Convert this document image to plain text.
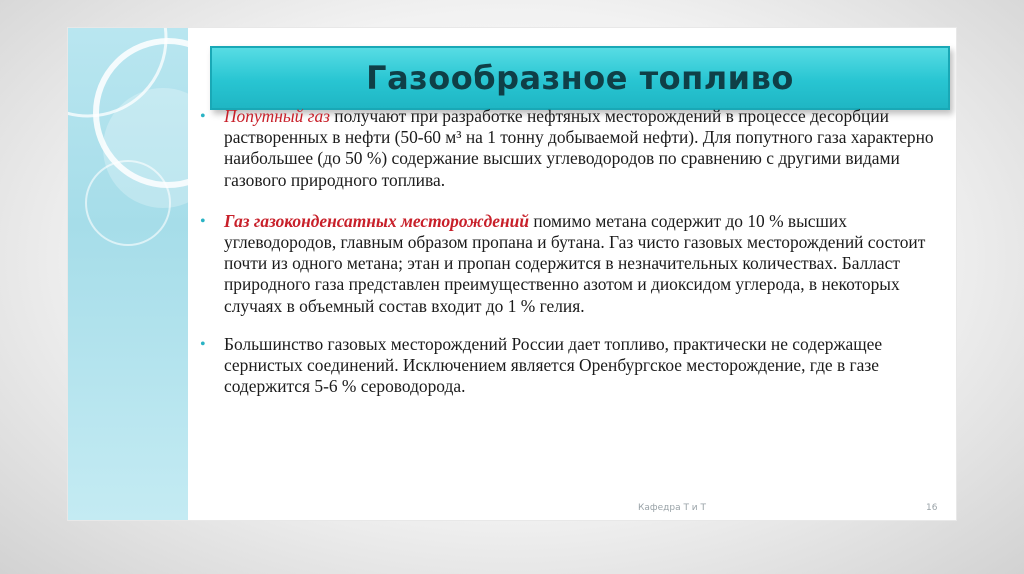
Газообразное топливо

• Попутный газ получают при разработке нефтяных месторождений в процессе десорбции растворенных в нефти (50-60 м³ на 1 тонну добываемой нефти). Для попутного газа характерно наибольшее (до 50 %) содержание высших углеводородов по сравнению с другими видами газового природного топлива.

• Газ газоконденсатных месторождений помимо метана содержит до 10 % высших углеводородов, главным образом пропана и бутана. Газ чисто газовых месторождений состоит почти из одного метана; этан и пропан содержится в незначительных количествах. Балласт природного газа представлен преимущественно азотом и диоксидом углерода, в некоторых случаях в объемный состав входит до 1 % гелия.

• Большинство газовых месторождений России дает топливо, практически не содержащее сернистых соединений. Исключением является Оренбургское месторождение, где в газе содержится 5-6 % сероводорода.

Кафедра Т и Т	16
